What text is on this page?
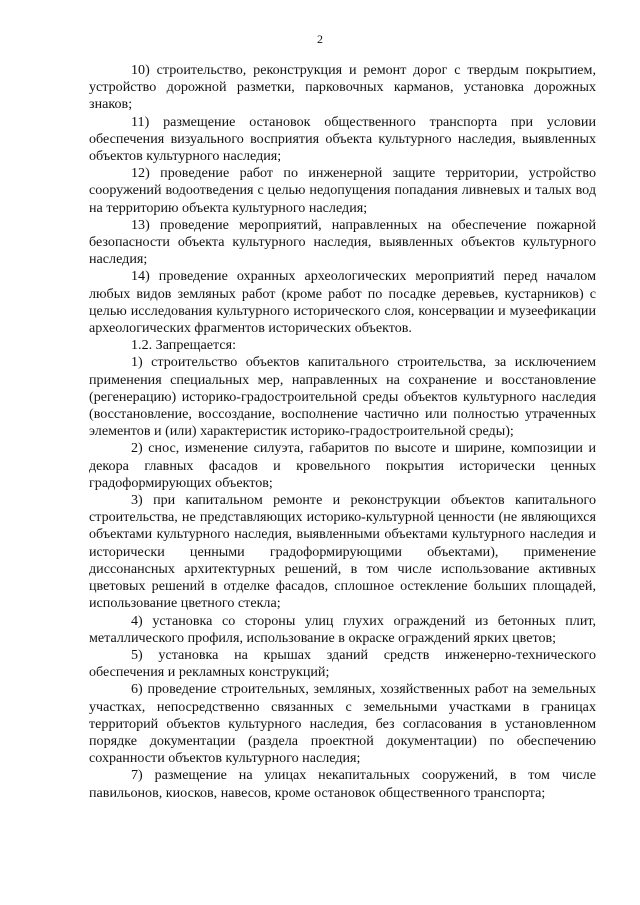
2

10) строительство, реконструкция и ремонт дорог с твердым покрытием, устройство дорожной разметки, парковочных карманов, установка дорожных знаков;

11) размещение остановок общественного транспорта при условии обеспечения визуального восприятия объекта культурного наследия, выявленных объектов культурного наследия;

12) проведение работ по инженерной защите территории, устройство сооружений водоотведения с целью недопущения попадания ливневых и талых вод на территорию объекта культурного наследия;

13) проведение мероприятий, направленных на обеспечение пожарной безопасности объекта культурного наследия, выявленных объектов культурного наследия;

14) проведение охранных археологических мероприятий перед началом любых видов земляных работ (кроме работ по посадке деревьев, кустарников) с целью исследования культурного исторического слоя, консервации и музеефикации археологических фрагментов исторических объектов.

1.2. Запрещается:

1) строительство объектов капитального строительства, за исключением применения специальных мер, направленных на сохранение и восстановление (регенерацию) историко-градостроительной среды объектов культурного наследия (восстановление, воссоздание, восполнение частично или полностью утраченных элементов и (или) характеристик историко-градостроительной среды);

2) снос, изменение силуэта, габаритов по высоте и ширине, композиции и декора главных фасадов и кровельного покрытия исторически ценных градоформирующих объектов;

3) при капитальном ремонте и реконструкции объектов капитального строительства, не представляющих историко-культурной ценности (не являющихся объектами культурного наследия, выявленными объектами культурного наследия и исторически ценными градоформирующими объектами), применение диссонансных архитектурных решений, в том числе использование активных цветовых решений в отделке фасадов, сплошное остекление больших площадей, использование цветного стекла;

4) установка со стороны улиц глухих ограждений из бетонных плит, металлического профиля, использование в окраске ограждений ярких цветов;

5) установка на крышах зданий средств инженерно-технического обеспечения и рекламных конструкций;

6) проведение строительных, земляных, хозяйственных работ на земельных участках, непосредственно связанных с земельными участками в границах территорий объектов культурного наследия, без согласования в установленном порядке документации (раздела проектной документации) по обеспечению сохранности объектов культурного наследия;

7) размещение на улицах некапитальных сооружений, в том числе павильонов, киосков, навесов, кроме остановок общественного транспорта;
